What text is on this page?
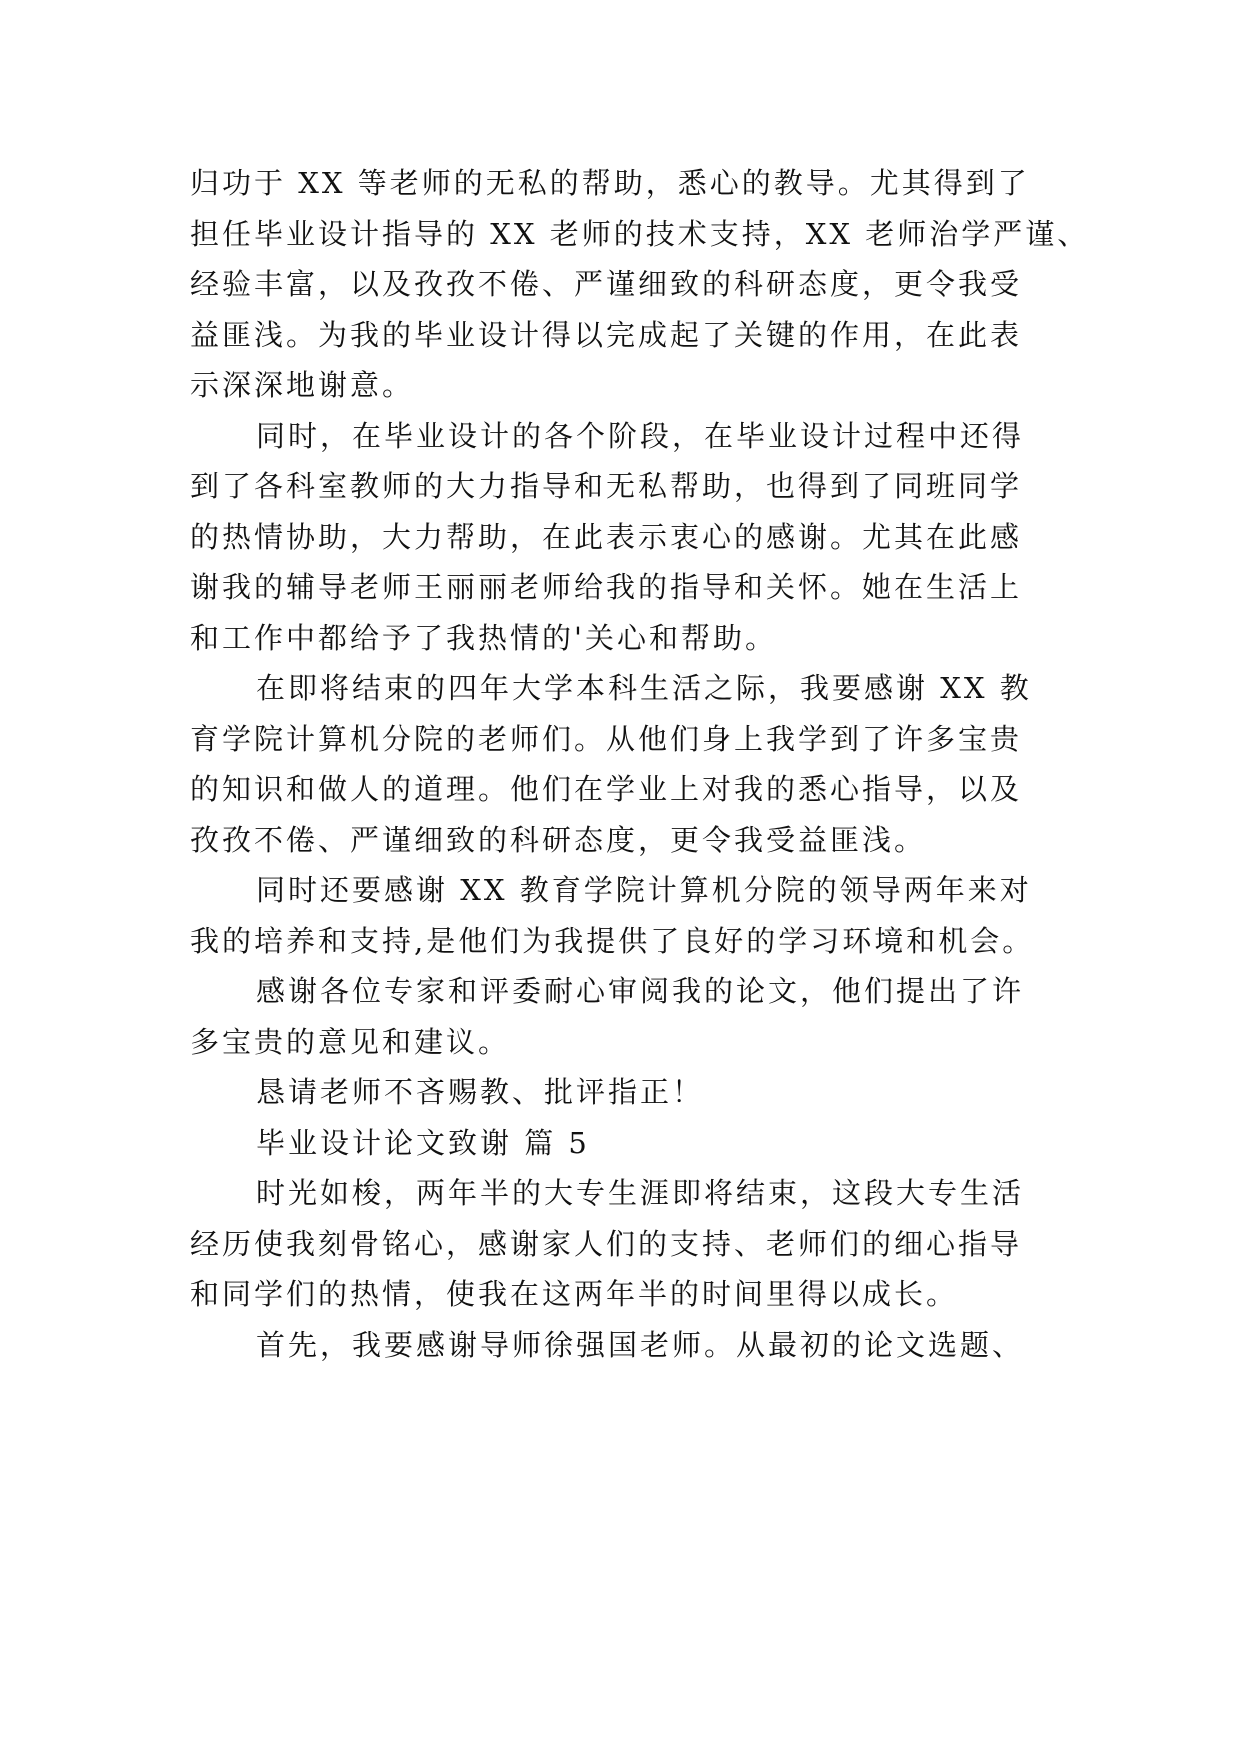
归功于 XX 等老师的无私的帮助，悉心的教导。尤其得到了
担任毕业设计指导的 XX 老师的技术支持，XX 老师治学严谨、
经验丰富，以及孜孜不倦、严谨细致的科研态度，更令我受
益匪浅。为我的毕业设计得以完成起了关键的作用，在此表
示深深地谢意。
同时，在毕业设计的各个阶段，在毕业设计过程中还得
到了各科室教师的大力指导和无私帮助，也得到了同班同学
的热情协助，大力帮助，在此表示衷心的感谢。尤其在此感
谢我的辅导老师王丽丽老师给我的指导和关怀。她在生活上
和工作中都给予了我热情的'关心和帮助。
在即将结束的四年大学本科生活之际，我要感谢 XX 教
育学院计算机分院的老师们。从他们身上我学到了许多宝贵
的知识和做人的道理。他们在学业上对我的悉心指导，以及
孜孜不倦、严谨细致的科研态度，更令我受益匪浅。
同时还要感谢 XX 教育学院计算机分院的领导两年来对
我的培养和支持,是他们为我提供了良好的学习环境和机会。
感谢各位专家和评委耐心审阅我的论文，他们提出了许
多宝贵的意见和建议。
恳请老师不吝赐教、批评指正！
毕业设计论文致谢 篇 5
时光如梭，两年半的大专生涯即将结束，这段大专生活
经历使我刻骨铭心，感谢家人们的支持、老师们的细心指导
和同学们的热情，使我在这两年半的时间里得以成长。
首先，我要感谢导师徐强国老师。从最初的论文选题、
